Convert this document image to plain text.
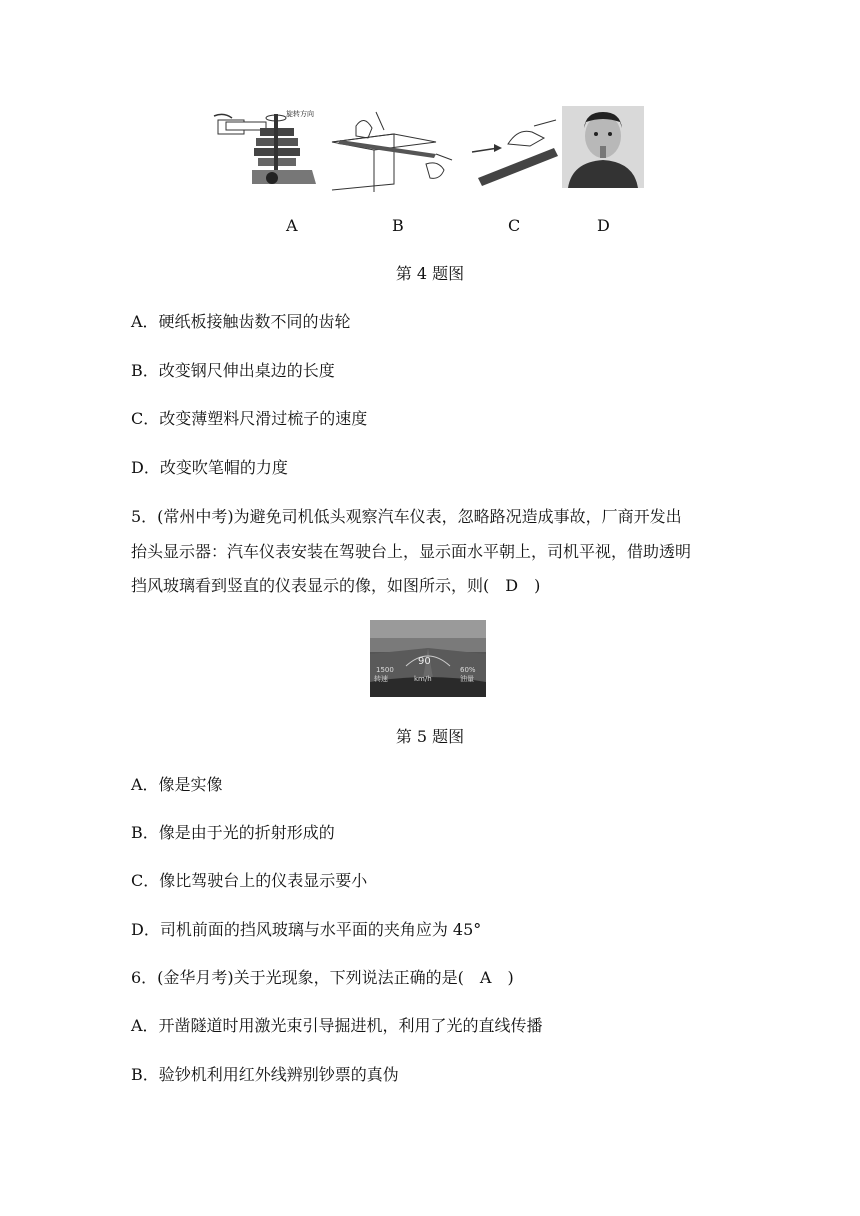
旋转方向
A	B	C	D
第 4 题图
A．硬纸板接触齿数不同的齿轮
B．改变钢尺伸出桌边的长度
C．改变薄塑料尺滑过梳子的速度
D．改变吹笔帽的力度
5．(常州中考)为避免司机低头观察汽车仪表，忽略路况造成事故，厂商开发出
抬头显示器：汽车仪表安装在驾驶台上，显示面水平朝上，司机平视，借助透明
挡风玻璃看到竖直的仪表显示的像，如图所示，则(　D　)
90
1500
转速	km/h
60%
油量
第 5 题图
A．像是实像
B．像是由于光的折射形成的
C．像比驾驶台上的仪表显示要小
D．司机前面的挡风玻璃与水平面的夹角应为 45°
6．(金华月考)关于光现象，下列说法正确的是(　A　)
A．开凿隧道时用激光束引导掘进机，利用了光的直线传播
B．验钞机利用红外线辨别钞票的真伪
